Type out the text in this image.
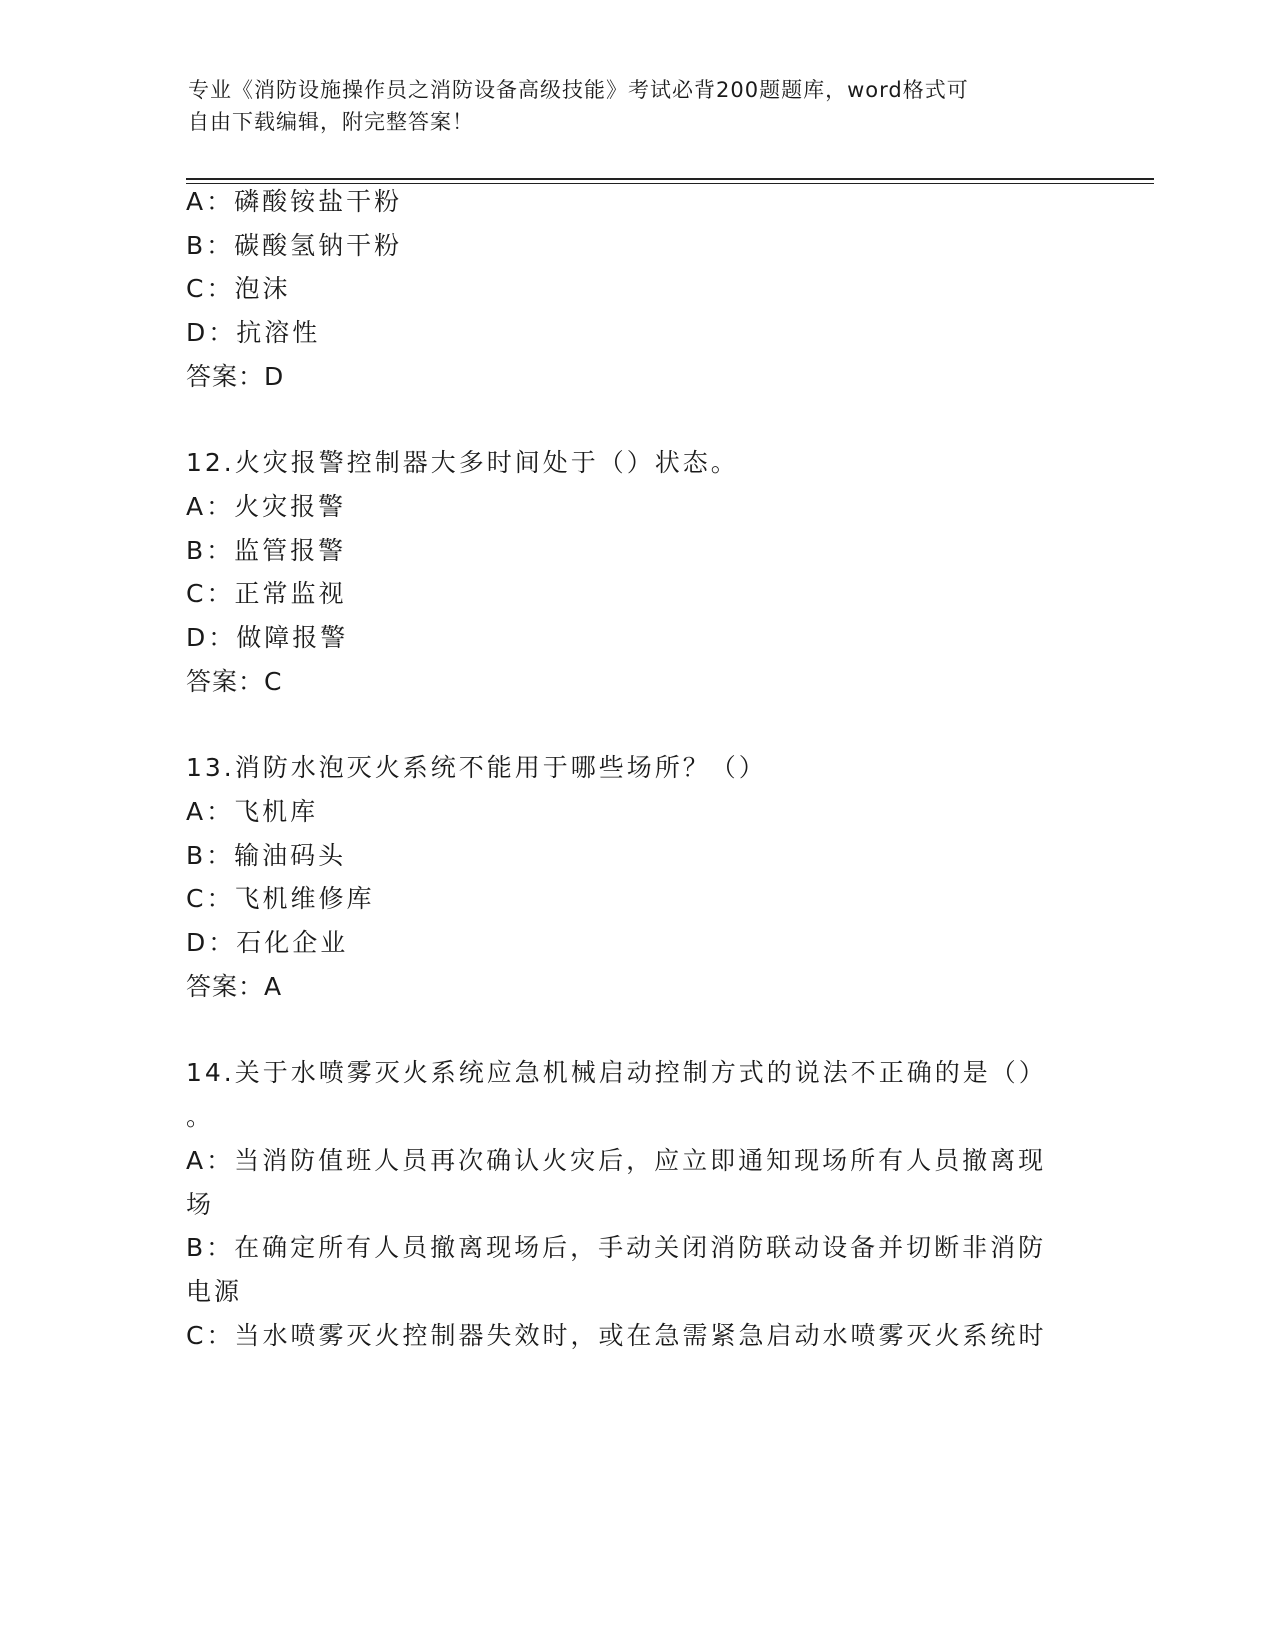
专业《消防设施操作员之消防设备高级技能》考试必背200题题库，word格式可
自由下载编辑，附完整答案！
A：磷酸铵盐干粉
B：碳酸氢钠干粉
C：泡沫
D：抗溶性
答案：D
12.火灾报警控制器大多时间处于（）状态。
A：火灾报警
B：监管报警
C：正常监视
D：做障报警
答案：C
13.消防水泡灭火系统不能用于哪些场所？（）
A：飞机库
B：输油码头
C：飞机维修库
D：石化企业
答案：A
14.关于水喷雾灭火系统应急机械启动控制方式的说法不正确的是（）
。
A：当消防值班人员再次确认火灾后，应立即通知现场所有人员撤离现
场
B：在确定所有人员撤离现场后，手动关闭消防联动设备并切断非消防
电源
C：当水喷雾灭火控制器失效时，或在急需紧急启动水喷雾灭火系统时
